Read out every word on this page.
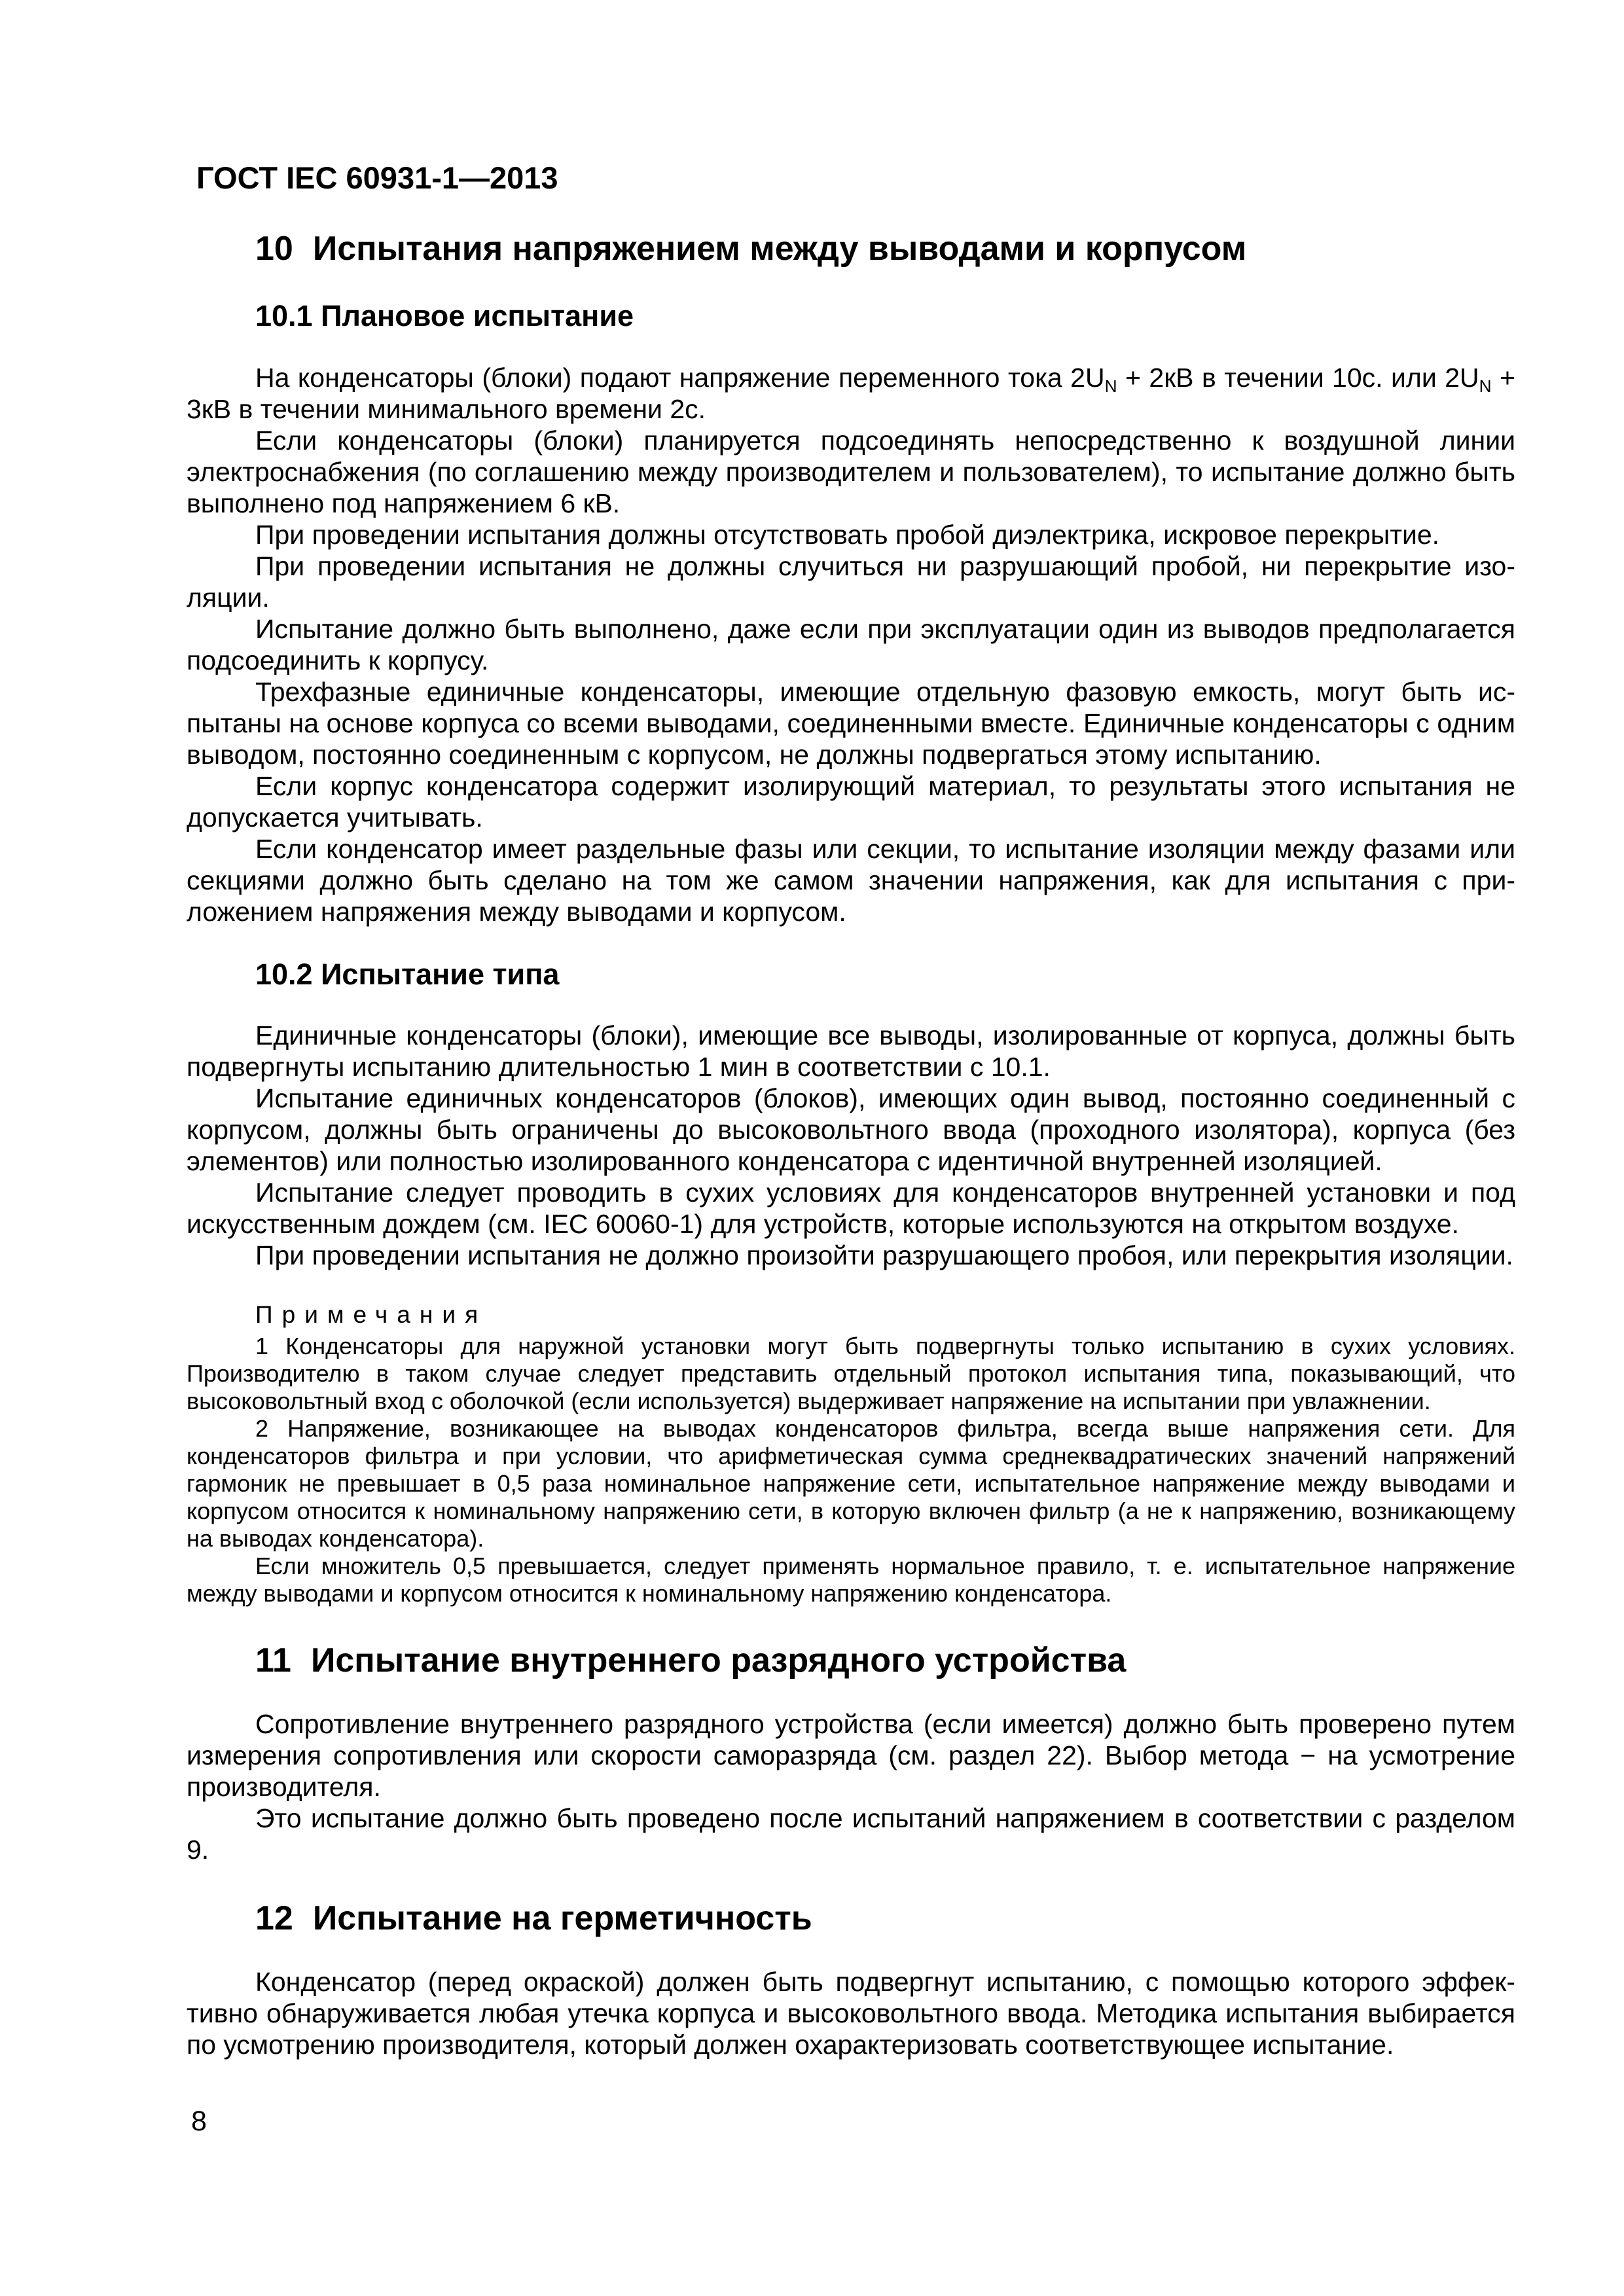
ГОСТ IEC 60931-1—2013
10 Испытания напряжением между выводами и корпусом
10.1 Плановое испытание

На конденсаторы (блоки) подают напряжение переменного тока $2U_N + 2кВ$ в течении 10с. или $2U_N + 3кВ$ в течении минимального времени 2с.

Если конденсаторы (блоки) планируется подсоединять непосредственно к воздушной линии электроснабжения (по соглашению между производителем и пользователем), то испытание должно быть выполнено под напряжением 6 кВ.

При проведении испытания должны отсутствовать пробой диэлектрика, искровое перекрытие.

При проведении испытания не должны случиться ни разрушающий пробой, ни перекрытие изоляции.

Испытание должно быть выполнено, даже если при эксплуатации один из выводов предполагается подсоединить к корпусу.

Трехфазные единичные конденсаторы, имеющие отдельную фазовую емкость, могут быть испытаны на основе корпуса со всеми выводами, соединенными вместе. Единичные конденсаторы с одним выводом, постоянно соединенным с корпусом, не должны подвергаться этому испытанию.

Если корпус конденсатора содержит изолирующий материал, то результаты этого испытания не допускается учитывать.

Если конденсатор имеет раздельные фазы или секции, то испытание изоляции между фазами или секциями должно быть сделано на том же самом значении напряжения, как для испытания с приложением напряжения между выводами и корпусом.

10.2 Испытание типа

Единичные конденсаторы (блоки), имеющие все выводы, изолированные от корпуса, должны быть подвергнуты испытанию длительностью 1 мин в соответствии с 10.1.

Испытание единичных конденсаторов (блоков), имеющих один вывод, постоянно соединенный с корпусом, должны быть ограничены до высоковольтного ввода (проходного изолятора), корпуса (без элементов) или полностью изолированного конденсатора с идентичной внутренней изоляцией.

Испытание следует проводить в сухих условиях для конденсаторов внутренней установки и под искусственным дождем (см. IEC 60060-1) для устройств, которые используются на открытом воздухе.

При проведении испытания не должно произойти разрушающего пробоя, или перекрытия изоляции.

Примечания

1 Конденсаторы для наружной установки могут быть подвергнуты только испытанию в сухих условиях. Производителю в таком случае следует представить отдельный протокол испытания типа, показывающий, что высоковольтный вход с оболочкой (если используется) выдерживает напряжение на испытании при увлажнении.

2 Напряжение, возникающее на выводах конденсаторов фильтра, всегда выше напряжения сети. Для конденсаторов фильтра и при условии, что арифметическая сумма среднеквадратических значений напряжений гармоник не превышает в 0,5 раза номинальное напряжение сети, испытательное напряжение между выводами и корпусом относится к номинальному напряжению сети, в которую включен фильтр (а не к напряжению, возникающему на выводах конденсатора).

Если множитель 0,5 превышается, следует применять нормальное правило, т. е. испытательное напряжение между выводами и корпусом относится к номинальному напряжению конденсатора.

11 Испытание внутреннего разрядного устройства

Сопротивление внутреннего разрядного устройства (если имеется) должно быть проверено путем измерения сопротивления или скорости саморазряда (см. раздел 22). Выбор метода − на усмотрение производителя.

Это испытание должно быть проведено после испытаний напряжением в соответствии с разделом 9.

12 Испытание на герметичность

Конденсатор (перед окраской) должен быть подвергнут испытанию, с помощью которого эффективно обнаруживается любая утечка корпуса и высоковольтного ввода. Методика испытания выбирается по усмотрению производителя, который должен охарактеризовать соответствующее испытание.

8
